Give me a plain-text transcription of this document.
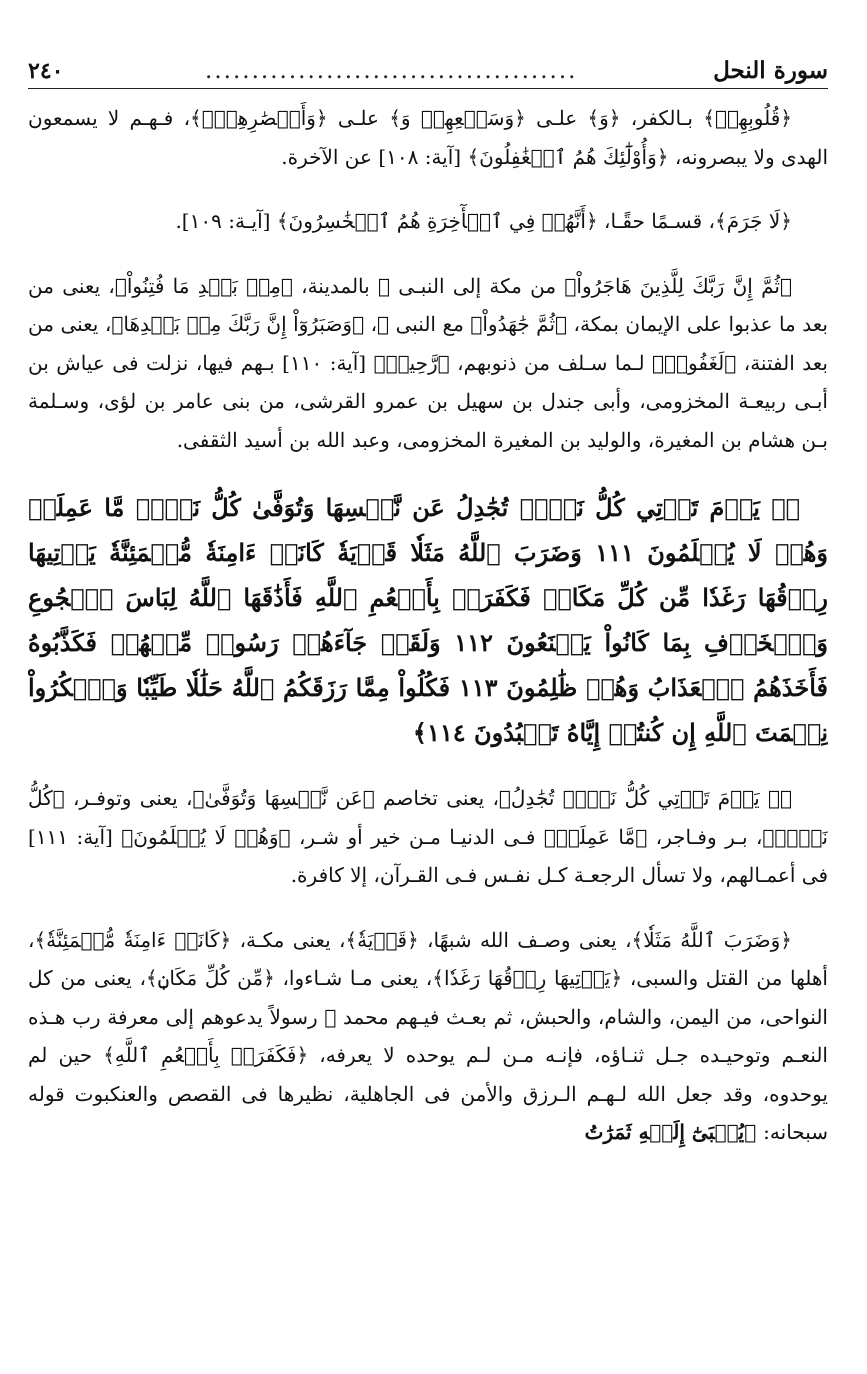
سورة النحل
........................................
٢٤٠

﴿قُلُوبِهِمۡ﴾ بـالكفر، ﴿وَ﴾ علـى ﴿وَسَمۡعِهِمۡ وَ﴾ علـى ﴿وَأَبۡصَٰرِهِمۡۖ﴾، فـهـم لا يسمعون الهدى ولا يبصرونه، ﴿وَأُوْلَٰٓئِكَ هُمُ ٱلۡغَٰفِلُونَ﴾ [آية: ١٠٨] عن الآخرة.

﴿لَا جَرَمَ﴾، قسـمًا حقًـا، ﴿أَنَّهُمۡ فِي ٱلۡأٓخِرَةِ هُمُ ٱلۡخَٰسِرُونَ﴾ [آيـة: ١٠٩].

﴿ثُمَّ إِنَّ رَبَّكَ لِلَّذِينَ هَاجَرُواْ﴾ من مكة إلى النبـى ﷺ بالمدينة، ﴿مِنۢ بَعۡدِ مَا فُتِنُواْ﴾، يعنى من بعد ما عذبوا على الإيمان بمكة، ﴿ثُمَّ جَٰهَدُواْ﴾ مع النبى ﷺ، ﴿وَصَبَرُوٓاْ إِنَّ رَبَّكَ مِنۢ بَعۡدِهَا﴾، يعنى من بعد الفتنة، ﴿لَغَفُورٞ﴾ لـما سـلف من ذنوبهم، ﴿رَّحِيمٞ﴾ [آية: ١١٠] بـهم فيها، نزلت فى عياش بن أبـى ربيعـة المخزومى، وأبى جندل بن سهيل بن عمرو القرشى، من بنى عامر بن لؤى، وسـلمة بـن هشام بن المغيرة، والوليد بن المغيرة المخزومى، وعبد الله بن أسيد الثقفى.

﴿۞ يَوۡمَ تَأۡتِي كُلُّ نَفۡسٖ تُجَٰدِلُ عَن نَّفۡسِهَا وَتُوَفَّىٰ كُلُّ نَفۡسٖ مَّا عَمِلَتۡ وَهُمۡ لَا يُظۡلَمُونَ ١١١ وَضَرَبَ ٱللَّهُ مَثَلٗا قَرۡيَةٗ كَانَتۡ ءَامِنَةٗ مُّطۡمَئِنَّةٗ يَأۡتِيهَا رِزۡقُهَا رَغَدٗا مِّن كُلِّ مَكَانٖ فَكَفَرَتۡ بِأَنۡعُمِ ٱللَّهِ فَأَذَٰقَهَا ٱللَّهُ لِبَاسَ ٱلۡجُوعِ وَٱلۡخَوۡفِ بِمَا كَانُواْ يَصۡنَعُونَ ١١٢ وَلَقَدۡ جَآءَهُمۡ رَسُولٞ مِّنۡهُمۡ فَكَذَّبُوهُ فَأَخَذَهُمُ ٱلۡعَذَابُ وَهُمۡ ظَٰلِمُونَ ١١٣ فَكُلُواْ مِمَّا رَزَقَكُمُ ٱللَّهُ حَلَٰلٗا طَيِّبٗا وَٱشۡكُرُواْ نِعۡمَتَ ٱللَّهِ إِن كُنتُمۡ إِيَّاهُ تَعۡبُدُونَ ١١٤﴾

﴿۞ يَوۡمَ تَأۡتِي كُلُّ نَفۡسٖ تُجَٰدِلُ﴾، يعنى تخاصم ﴿عَن نَّفۡسِهَا وَتُوَفَّىٰ﴾، يعنى وتوفـر، ﴿كُلُّ نَفۡسٖ﴾، بـر وفـاجر، ﴿مَّا عَمِلَتۡ﴾ فـى الدنيـا مـن خير أو شـر، ﴿وَهُمۡ لَا يُظۡلَمُونَ﴾ [آية: ١١١] فى أعمـالهم، ولا تسأل الرجعـة كـل نفـس فـى القـرآن، إلا كافرة.

﴿وَضَرَبَ ٱللَّهُ مَثَلٗا﴾، يعنى وصـف الله شبهًا، ﴿قَرۡيَةٗ﴾، يعنى مكـة، ﴿كَانَتۡ ءَامِنَةٗ مُّطۡمَئِنَّةٗ﴾، أهلها من القتل والسبى، ﴿يَأۡتِيهَا رِزۡقُهَا رَغَدٗا﴾، يعنى مـا شـاءوا، ﴿مِّن كُلِّ مَكَانٖ﴾، يعنى من كل النواحى، من اليمن، والشام، والحبش، ثم بعـث فيـهم محمد ﷺ رسولاً يدعوهم إلى معرفة رب هـذه النعـم وتوحيـده جـل ثنـاؤه، فإنـه مـن لـم يوحده لا يعرفه، ﴿فَكَفَرَتۡ بِأَنۡعُمِ ٱللَّهِ﴾ حين لم يوحدوه، وقد جعل الله لـهـم الـرزق والأمن فى الجاهلية، نظيرها فى القصص والعنكبوت قوله سبحانه: ﴿يُجۡبَىٰٓ إِلَيۡهِ ثَمَرَٰتُ
